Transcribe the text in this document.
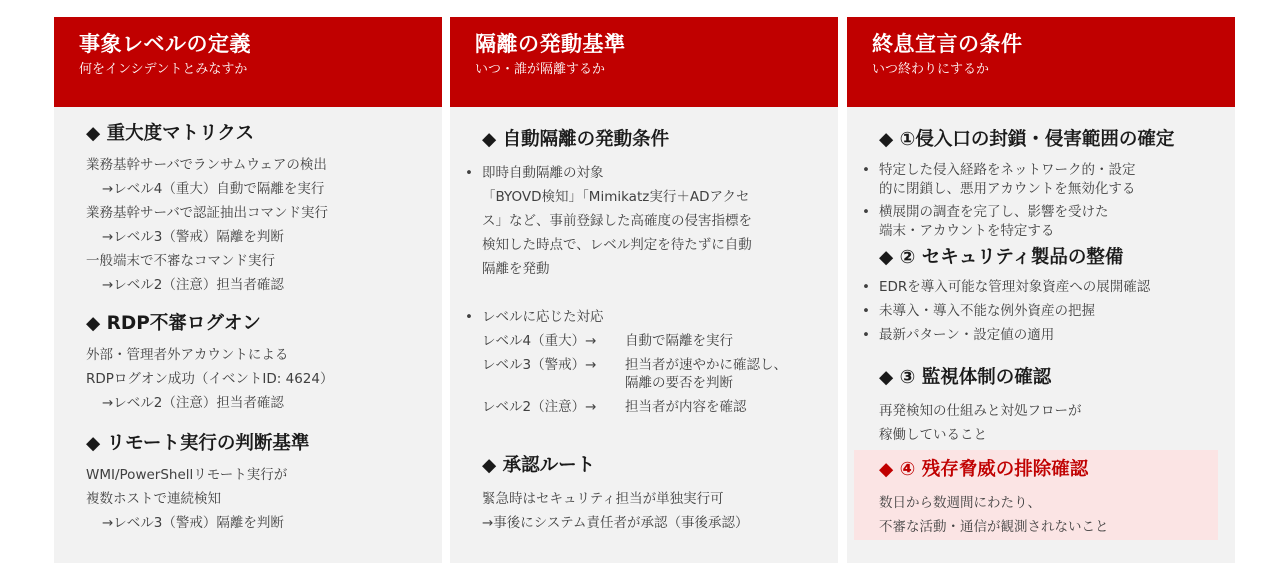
事象レベルの定義
何をインシデントとみなすか
◆ 重大度マトリクス
業務基幹サーバでランサムウェアの検出
→レベル4（重大）自動で隔離を実行
業務基幹サーバで認証抽出コマンド実行
→レベル3（警戒）隔離を判断
一般端末で不審なコマンド実行
→レベル2（注意）担当者確認
◆ RDP不審ログオン
外部・管理者外アカウントによる
RDPログオン成功（イベントID: 4624）
→レベル2（注意）担当者確認
◆ リモート実行の判断基準
WMI/PowerShellリモート実行が
複数ホストで連続検知
→レベル3（警戒）隔離を判断
隔離の発動基準
いつ・誰が隔離するか
◆ 自動隔離の発動条件
• 即時自動隔離の対象
「BYOVD検知」「Mimikatz実行＋ADアクセ
ス」など、事前登録した高確度の侵害指標を
検知した時点で、レベル判定を待たずに自動
隔離を発動
• レベルに応じた対応
レベル4（重大）→	自動で隔離を実行
レベル3（警戒）→	担当者が速やかに確認し、
隔離の要否を判断
レベル2（注意）→	担当者が内容を確認
◆ 承認ルート
緊急時はセキュリティ担当が単独実行可
→事後にシステム責任者が承認（事後承認）
終息宣言の条件
いつ終わりにするか
◆ ①侵入口の封鎖・侵害範囲の確定
• 特定した侵入経路をネットワーク的・設定
的に閉鎖し、悪用アカウントを無効化する
• 横展開の調査を完了し、影響を受けた
端末・アカウントを特定する
◆ ② セキュリティ製品の整備
• EDRを導入可能な管理対象資産への展開確認
• 未導入・導入不能な例外資産の把握
• 最新パターン・設定値の適用
◆ ③ 監視体制の確認
再発検知の仕組みと対処フローが
稼働していること
◆ ④ 残存脅威の排除確認
数日から数週間にわたり、
不審な活動・通信が観測されないこと
